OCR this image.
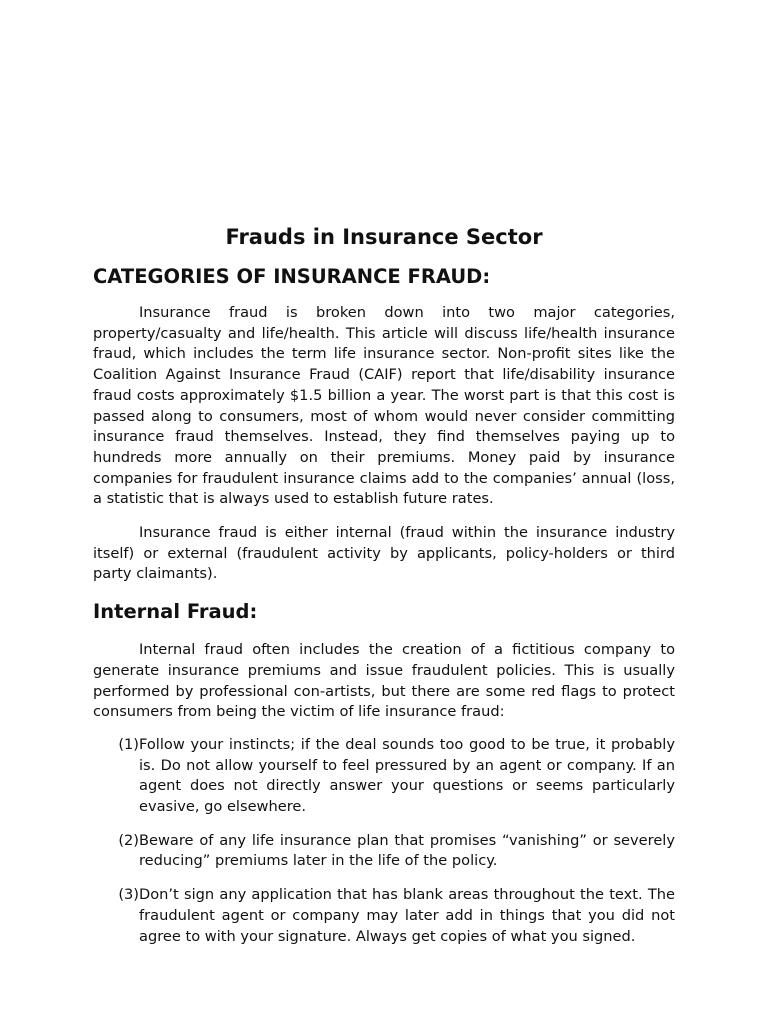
Frauds in Insurance Sector
CATEGORIES OF INSURANCE FRAUD:

Insurance fraud is broken down into two major categories, property/casualty and life/health. This article will discuss life/health insurance fraud, which includes the term life insurance sector. Non-profit sites like the Coalition Against Insurance Fraud (CAIF) report that life/disability insurance fraud costs approximately $1.5 billion a year. The worst part is that this cost is passed along to consumers, most of whom would never consider committing insurance fraud themselves. Instead, they find themselves paying up to hundreds more annually on their premiums. Money paid by insurance companies for fraudulent insurance claims add to the companies’ annual (loss, a statistic that is always used to establish future rates.

Insurance fraud is either internal (fraud within the insurance industry itself) or external (fraudulent activity by applicants, policy-holders or third party claimants).

Internal Fraud:

Internal fraud often includes the creation of a fictitious company to generate insurance premiums and issue fraudulent policies. This is usually performed by professional con-artists, but there are some red flags to protect consumers from being the victim of life insurance fraud:

(1) Follow your instincts; if the deal sounds too good to be true, it probably is. Do not allow yourself to feel pressured by an agent or company. If an agent does not directly answer your questions or seems particularly evasive, go elsewhere.
(2) Beware of any life insurance plan that promises “vanishing” or severely reducing” premiums later in the life of the policy.
(3) Don’t sign any application that has blank areas throughout the text. The fraudulent agent or company may later add in things that you did not agree to with your signature. Always get copies of what you signed.
